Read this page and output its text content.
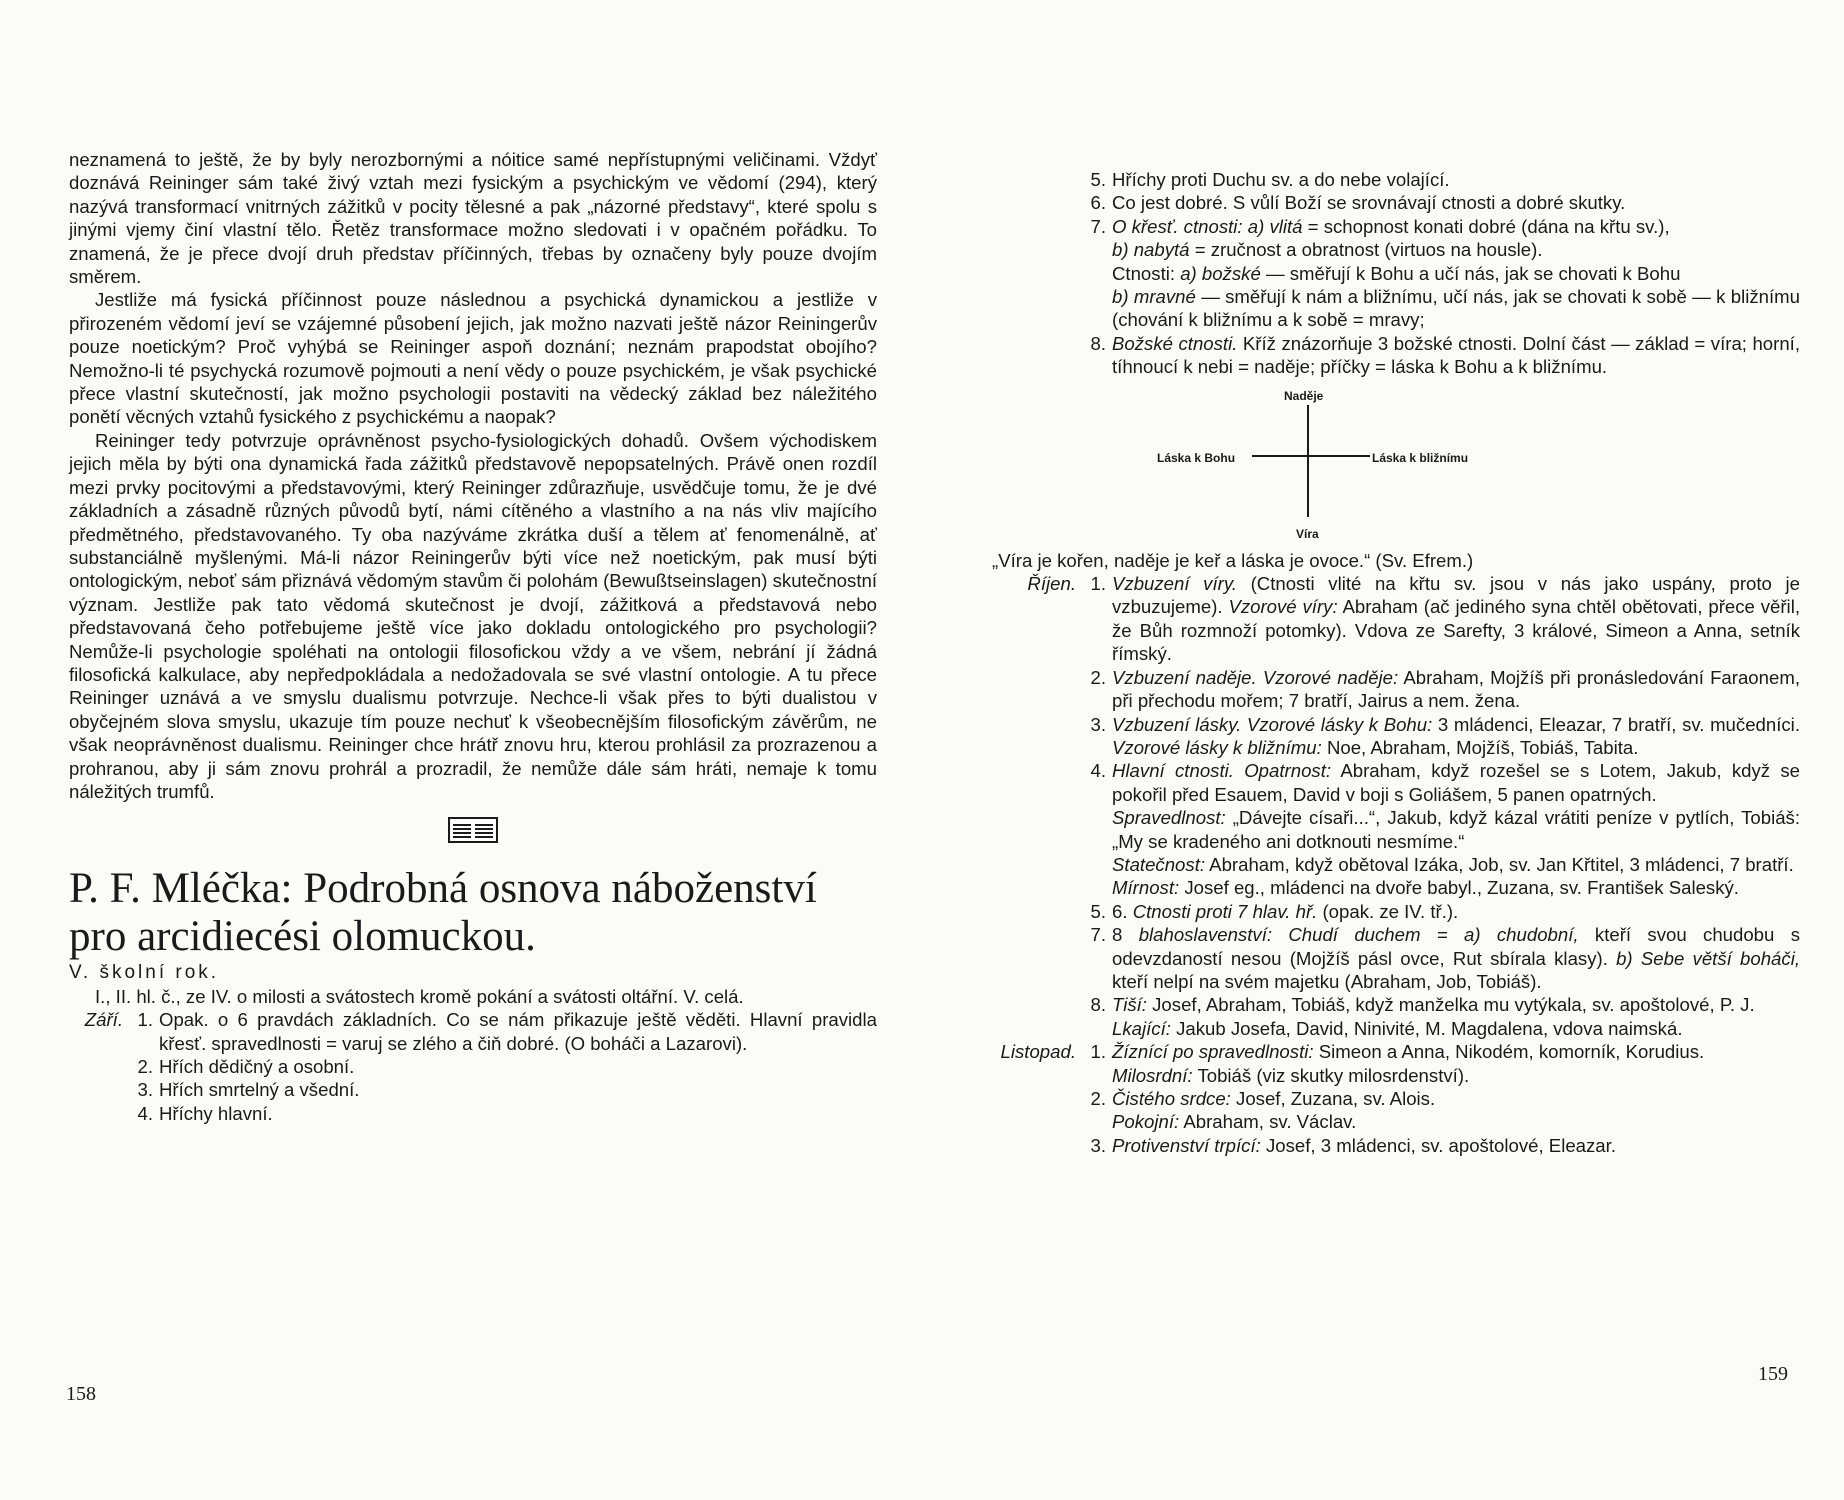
neznamená to ještě, že by byly nerozbornými a nóitice samé nepřístupnými veličinami. Vždyť doznává Reininger sám také živý vztah mezi fysickým a psychickým ve vědomí (294), který nazývá transformací vnitrných zážitků v pocity tělesné a pak „názorné představy“, které spolu s jinými vjemy činí vlastní tělo. Řetěz transformace možno sledovati i v opačném pořádku. To znamená, že je přece dvojí druh představ příčinných, třebas by označeny byly pouze dvojím směrem.

Jestliže má fysická příčinnost pouze následnou a psychická dynamickou a jestliže v přirozeném vědomí jeví se vzájemné působení jejich, jak možno nazvati ještě názor Reiningerův pouze noetickým? Proč vyhýbá se Reininger aspoň doznání; neznám prapodstat obojího? Nemožno-li té psychycká rozumově pojmouti a není vědy o pouze psychickém, je však psychické přece vlastní skutečností, jak možno psychologii postaviti na vědecký základ bez náležitého ponětí věcných vztahů fysického z psychickému a naopak?

Reininger tedy potvrzuje oprávněnost psycho-fysiologických dohadů. Ovšem východiskem jejich měla by býti ona dynamická řada zážitků představově nepopsatelných. Právě onen rozdíl mezi prvky pocitovými a představovými, který Reininger zdůrazňuje, usvědčuje tomu, že je dvé základních a zásadně různých původů bytí, námi cítěného a vlastního a na nás vliv majícího předmětného, představovaného. Ty oba nazýváme zkrátka duší a tělem ať fenomenálně, ať substanciálně myšlenými. Má-li názor Reiningerův býti více než noetickým, pak musí býti ontologickým, neboť sám přiznává vědomým stavům či polohám (Bewußtseinslagen) skutečnostní význam. Jestliže pak tato vědomá skutečnost je dvojí, zážitková a představová nebo představovaná čeho potřebujeme ještě více jako dokladu ontologického pro psychologii? Nemůže-li psychologie spoléhati na ontologii filosofickou vždy a ve všem, nebrání jí žádná filosofická kalkulace, aby nepředpokládala a nedožadovala se své vlastní ontologie. A tu přece Reininger uznává a ve smyslu dualismu potvrzuje. Nechce-li však přes to býti dualistou v obyčejném slova smyslu, ukazuje tím pouze nechuť k všeobecnějším filosofickým závěrům, ne však neoprávněnost dualismu. Reininger chce hrátř znovu hru, kterou prohlásil za prozrazenou a prohranou, aby ji sám znovu prohrál a prozradil, že nemůže dále sám hráti, nemaje k tomu náležitých trumfů.

P. F. Mléčka: Podrobná osnova náboženství

pro arcidiecési olomuckou.

V. školní rok.

I., II. hl. č., ze IV. o milosti a svátostech kromě pokání a svátosti oltářní. V. celá.

Září. 1. Opak. o 6 pravdách základních. Co se nám přikazuje ještě věděti. Hlavní pravidla křesť. spravedlnosti = varuj se zlého a čiň dobré. (O boháči a Lazarovi).
2. Hřích dědičný a osobní.
3. Hřích smrtelný a všední.
4. Hříchy hlavní.
158
5. Hříchy proti Duchu sv. a do nebe volající.
6. Co jest dobré. S vůlí Boží se srovnávají ctnosti a dobré skutky.
7. O křesť. ctnosti: a) vlitá = schopnost konati dobré (dána na křtu sv.),
b) nabytá = zručnost a obratnost (virtuos na housle).
Ctnosti: a) božské — směřují k Bohu a učí nás, jak se chovati k Bohu
b) mravné — směřují k nám a bližnímu, učí nás, jak se chovati k sobě — k bližnímu (chování k bližnímu a k sobě = mravy;
8. Božské ctnosti. Kříž znázorňuje 3 božské ctnosti. Dolní část — základ = víra; horní, tíhnoucí k nebi = naděje; příčky = láska k Bohu a k bližnímu.
Naděje
Láska k Bohu	Láska k bližnímu
Víra

„Víra je kořen, naděje je keř a láska je ovoce.“ (Sv. Efrem.)

Říjen. 1. Vzbuzení víry. (Ctnosti vlité na křtu sv. jsou v nás jako uspány, proto je vzbuzujeme). Vzorové víry: Abraham (ač jediného syna chtěl obětovati, přece věřil, že Bůh rozmnoží potomky). Vdova ze Sarefty, 3 králové, Simeon a Anna, setník římský.
2. Vzbuzení naděje. Vzorové naděje: Abraham, Mojžíš při pronásledování Faraonem, při přechodu mořem; 7 bratří, Jairus a nem. žena.
3. Vzbuzení lásky. Vzorové lásky k Bohu: 3 mládenci, Eleazar, 7 bratří, sv. mučedníci. Vzorové lásky k bližnímu: Noe, Abraham, Mojžíš, Tobiáš, Tabita.
4. Hlavní ctnosti. Opatrnost: Abraham, když rozešel se s Lotem, Jakub, když se pokořil před Esauem, David v boji s Goliášem, 5 panen opatrných.
Spravedlnost: „Dávejte císaři...“, Jakub, když kázal vrátiti peníze v pytlích, Tobiáš: „My se kradeného ani dotknouti nesmíme.“
Statečnost: Abraham, když obětoval Izáka, Job, sv. Jan Křtitel, 3 mládenci, 7 bratří.
Mírnost: Josef eg., mládenci na dvoře babyl., Zuzana, sv. František Saleský.
5. 6. Ctnosti proti 7 hlav. hř. (opak. ze IV. tř.).
7. 8 blahoslavenství: Chudí duchem = a) chudobní, kteří svou chudobu s odevzdaností nesou (Mojžíš pásl ovce, Rut sbírala klasy). b) Sebe větší boháči, kteří nelpí na svém majetku (Abraham, Job, Tobiáš).
8. Tiší: Josef, Abraham, Tobiáš, když manželka mu vytýkala, sv. apoštolové, P. J.
Lkající: Jakub Josefa, David, Ninivité, M. Magdalena, vdova naimská.
Listopad. 1. Žíznící po spravedlnosti: Simeon a Anna, Nikodém, komorník, Korudius.
Milosrdní: Tobiáš (viz skutky milosrdenství).
2. Čistého srdce: Josef, Zuzana, sv. Alois.
Pokojní: Abraham, sv. Václav.
3. Protivenství trpící: Josef, 3 mládenci, sv. apoštolové, Eleazar.
159
